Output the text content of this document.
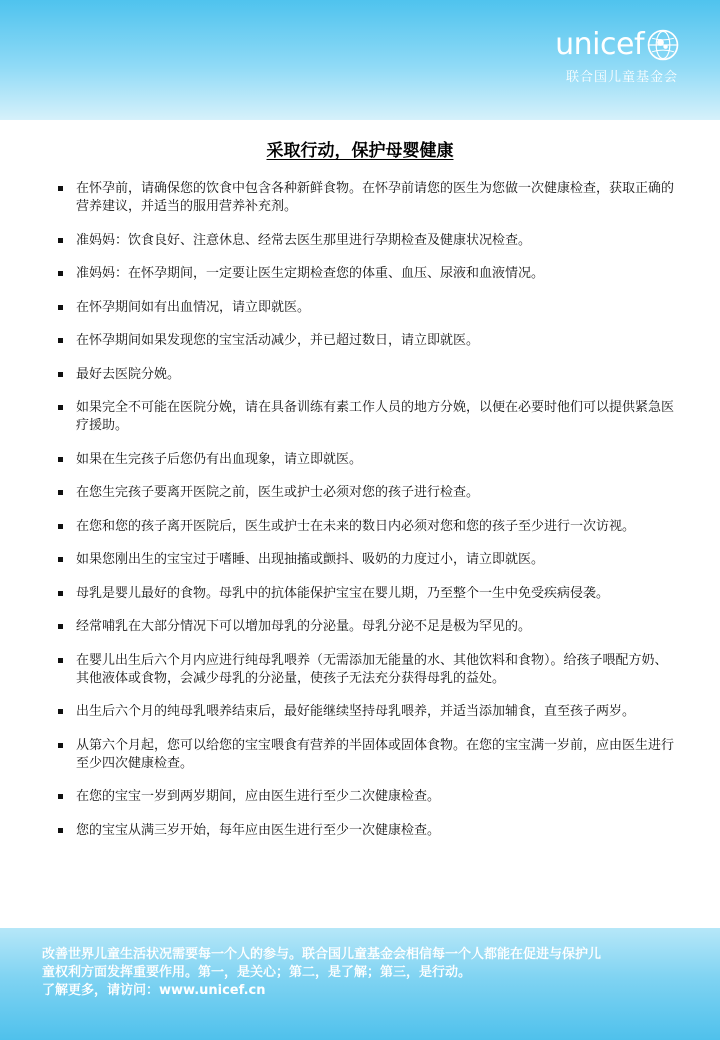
unicef
联合国儿童基金会
采取行动，保护母婴健康
在怀孕前，请确保您的饮食中包含各种新鲜食物。在怀孕前请您的医生为您做一次健康检查，获取正确的营养建议，并适当的服用营养补充剂。
准妈妈：饮食良好、注意休息、经常去医生那里进行孕期检查及健康状况检查。
准妈妈：在怀孕期间，一定要让医生定期检查您的体重、血压、尿液和血液情况。
在怀孕期间如有出血情况，请立即就医。
在怀孕期间如果发现您的宝宝活动减少，并已超过数日，请立即就医。
最好去医院分娩。
如果完全不可能在医院分娩，请在具备训练有素工作人员的地方分娩，以便在必要时他们可以提供紧急医疗援助。
如果在生完孩子后您仍有出血现象，请立即就医。
在您生完孩子要离开医院之前，医生或护士必须对您的孩子进行检查。
在您和您的孩子离开医院后，医生或护士在未来的数日内必须对您和您的孩子至少进行一次访视。
如果您刚出生的宝宝过于嗜睡、出现抽搐或颤抖、吸奶的力度过小，请立即就医。
母乳是婴儿最好的食物。母乳中的抗体能保护宝宝在婴儿期，乃至整个一生中免受疾病侵袭。
经常哺乳在大部分情况下可以增加母乳的分泌量。母乳分泌不足是极为罕见的。
在婴儿出生后六个月内应进行纯母乳喂养（无需添加无能量的水、其他饮料和食物）。给孩子喂配方奶、其他液体或食物，会减少母乳的分泌量，使孩子无法充分获得母乳的益处。
出生后六个月的纯母乳喂养结束后，最好能继续坚持母乳喂养，并适当添加辅食，直至孩子两岁。
从第六个月起，您可以给您的宝宝喂食有营养的半固体或固体食物。在您的宝宝满一岁前，应由医生进行至少四次健康检查。
在您的宝宝一岁到两岁期间，应由医生进行至少二次健康检查。
您的宝宝从满三岁开始，每年应由医生进行至少一次健康检查。
改善世界儿童生活状况需要每一个人的参与。联合国儿童基金会相信每一个人都能在促进与保护儿
童权利方面发挥重要作用。第一，是关心；第二，是了解；第三，是行动。
了解更多，请访问：www.unicef.cn
